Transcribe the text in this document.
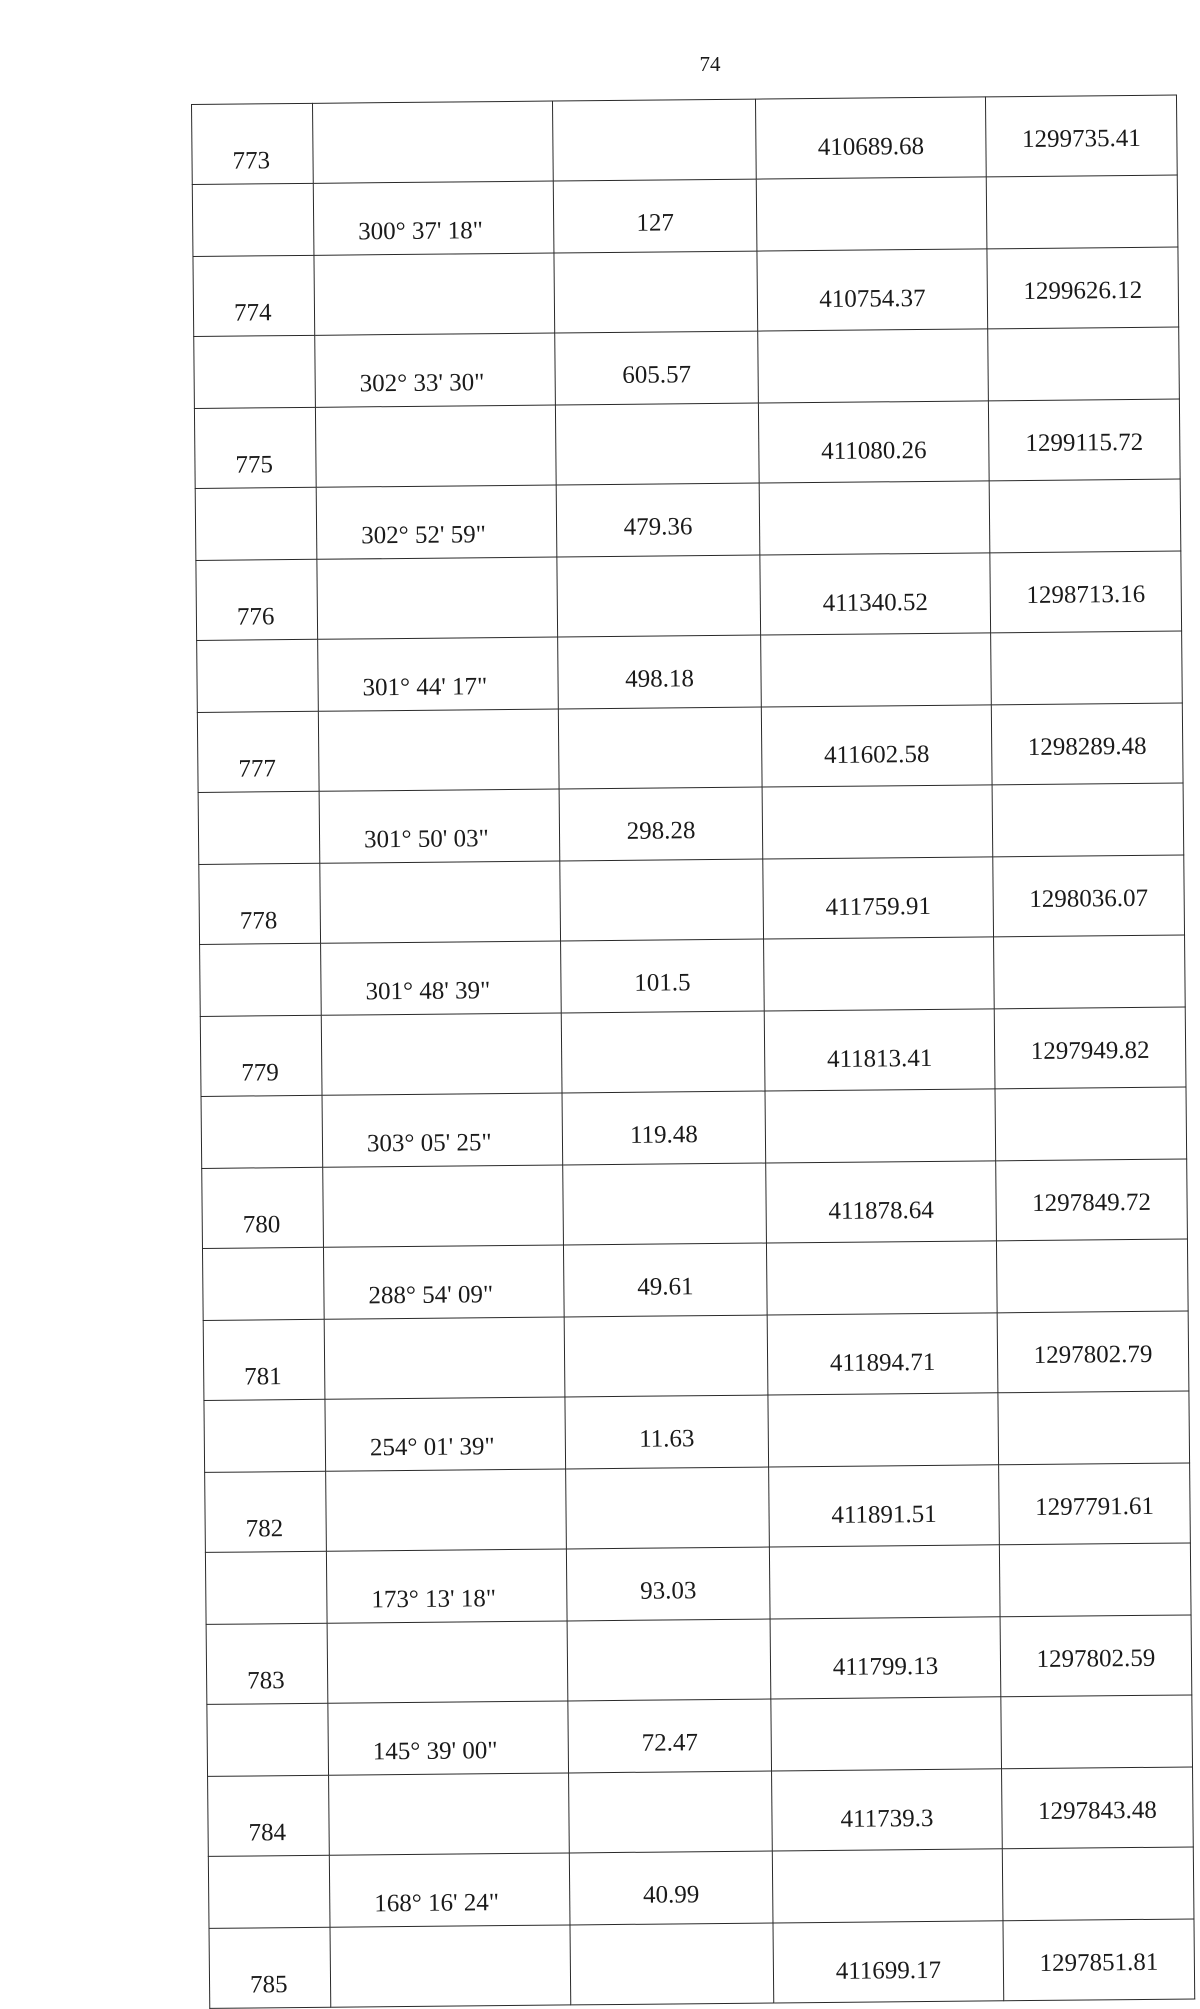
74
773			410689.68	1299735.41
	300° 37' 18"	127		
774			410754.37	1299626.12
	302° 33' 30"	605.57		
775			411080.26	1299115.72
	302° 52' 59"	479.36		
776			411340.52	1298713.16
	301° 44' 17"	498.18		
777			411602.58	1298289.48
	301° 50' 03"	298.28		
778			411759.91	1298036.07
	301° 48' 39"	101.5		
779			411813.41	1297949.82
	303° 05' 25"	119.48		
780			411878.64	1297849.72
	288° 54' 09"	49.61		
781			411894.71	1297802.79
	254° 01' 39"	11.63		
782			411891.51	1297791.61
	173° 13' 18"	93.03		
783			411799.13	1297802.59
	145° 39' 00"	72.47		
784			411739.3	1297843.48
	168° 16' 24"	40.99		
785			411699.17	1297851.81
